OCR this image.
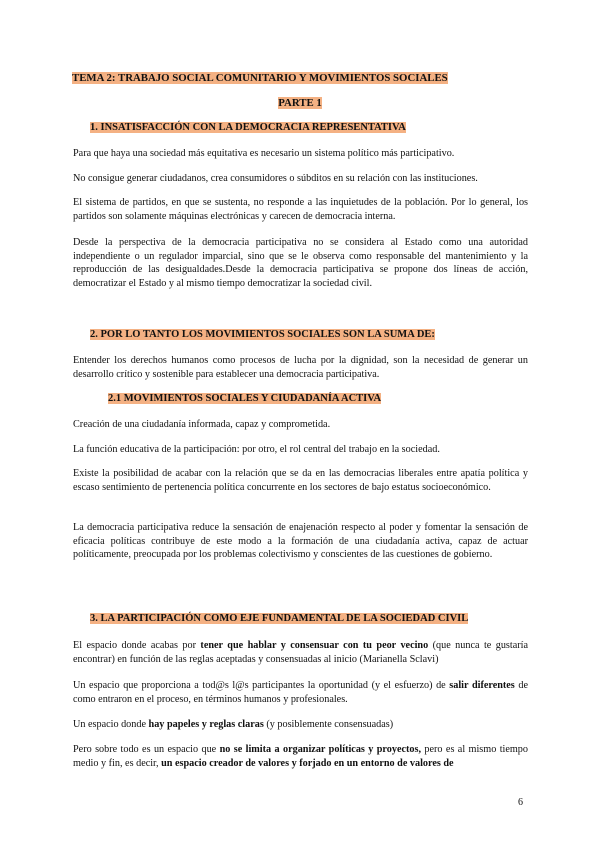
TEMA 2: TRABAJO SOCIAL COMUNITARIO Y MOVIMIENTOS SOCIALES
PARTE 1
1. INSATISFACCIÓN CON LA DEMOCRACIA REPRESENTATIVA
Para que haya una sociedad más equitativa es necesario un sistema político más participativo.
No consigue generar ciudadanos, crea consumidores o súbditos en su relación con las instituciones.
El sistema de partidos, en que se sustenta, no responde a las inquietudes de la población. Por lo general, los partidos son solamente máquinas electrónicas y carecen de democracia interna.
Desde la perspectiva de la democracia participativa no se considera al Estado como una autoridad independiente o un regulador imparcial, sino que se le observa como responsable del mantenimiento y la reproducción de las desigualdades.Desde la democracia participativa se propone dos líneas de acción, democratizar el Estado y al mismo tiempo democratizar la sociedad civil.
2. POR LO TANTO LOS MOVIMIENTOS SOCIALES SON LA SUMA DE:
Entender los derechos humanos como procesos de lucha por la dignidad, son la necesidad de generar un desarrollo crítico y sostenible para establecer una democracia participativa.
2.1 MOVIMIENTOS SOCIALES Y CIUDADANÍA ACTIVA
Creación de una ciudadanía informada, capaz y comprometida.
La función educativa de la participación: por otro, el rol central del trabajo en la sociedad.
Existe la posibilidad de acabar con la relación que se da en las democracias liberales entre apatía política y escaso sentimiento de pertenencia política concurrente en los sectores de bajo estatus socioeconómico.
La democracia participativa reduce la sensación de enajenación respecto al poder y fomentar la sensación de eficacia políticas contribuye de este modo a la formación de una ciudadanía activa, capaz de actuar políticamente, preocupada por los problemas colectivismo y conscientes de las cuestiones de gobierno.
3. LA PARTICIPACIÓN COMO EJE FUNDAMENTAL DE LA SOCIEDAD CIVIL
El espacio donde acabas por tener que hablar y consensuar con tu peor vecino (que nunca te gustaría encontrar) en función de las reglas aceptadas y consensuadas al inicio (Marianella Sclavi)
Un espacio que proporciona a tod@s l@s participantes la oportunidad (y el esfuerzo) de salir diferentes de como entraron en el proceso, en términos humanos y profesionales.
Un espacio donde hay papeles y reglas claras (y posiblemente consensuadas)
Pero sobre todo es un espacio que no se limita a organizar políticas y proyectos, pero es al mismo tiempo medio y fin, es decir, un espacio creador de valores y forjado en un entorno de valores de
6
